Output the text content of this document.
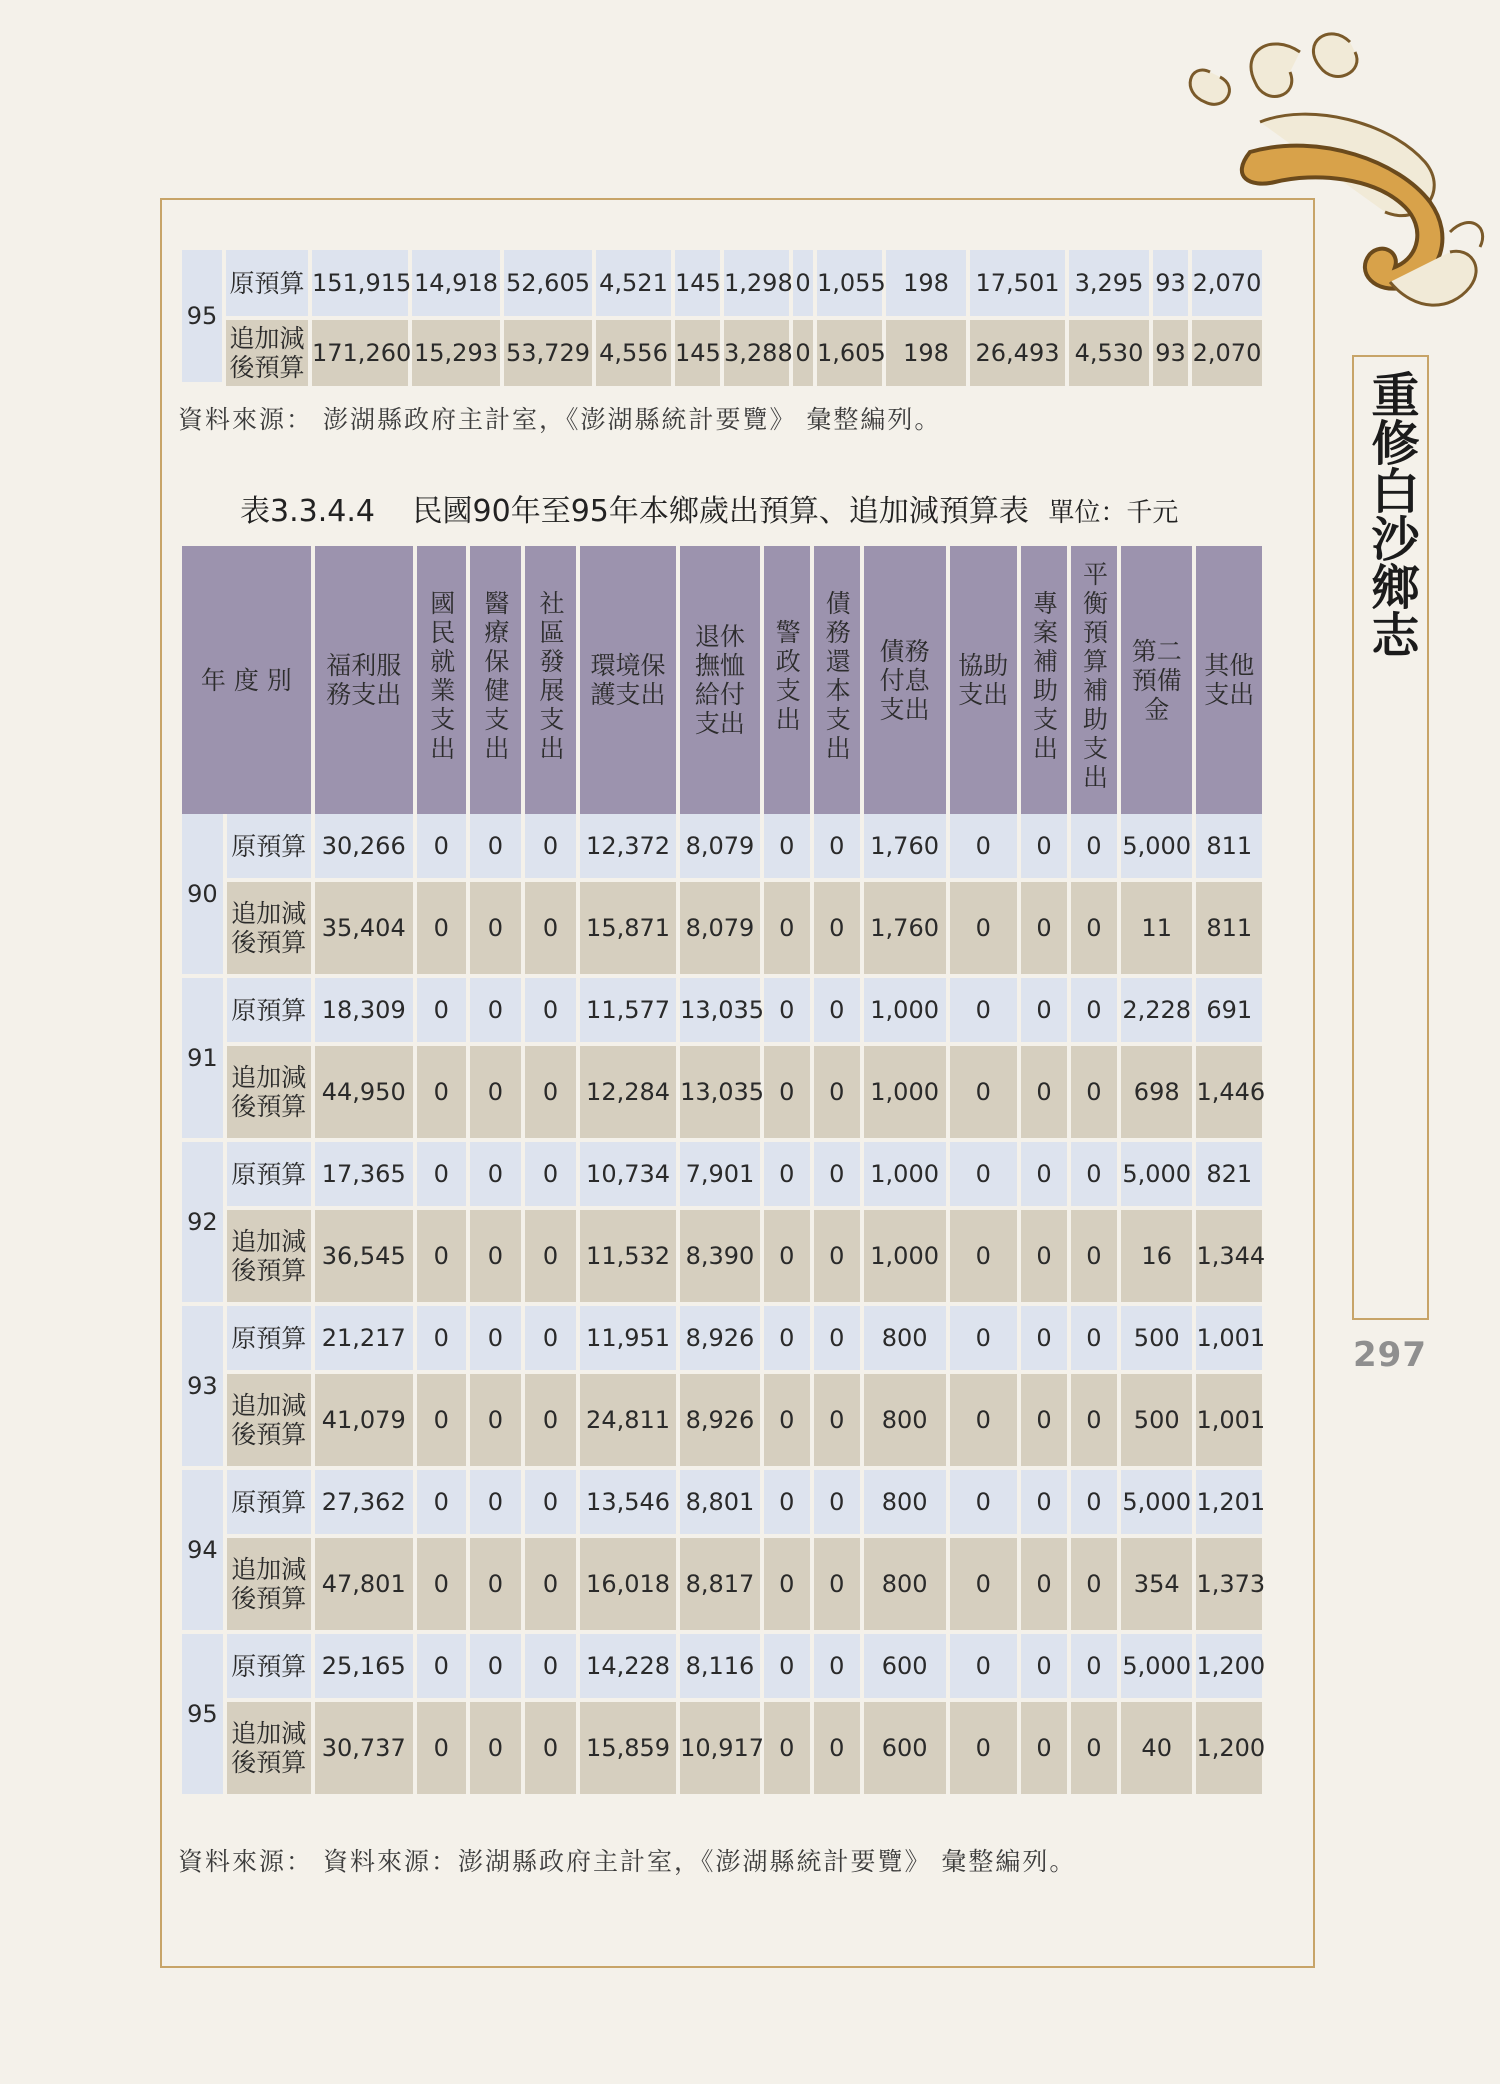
重修白沙鄉志
297
95	原預算	151,915	14,918	52,605	4,521	145	1,298	0	1,055	198	17,501	3,295	93	2,070
	追加減後預算	171,260	15,293	53,729	4,556	145	3,288	0	1,605	198	26,493	4,530	93	2,070
資料來源： 澎湖縣政府主計室，《澎湖縣統計要覽》 彙整編列。
表3.3.4.4 民國90年至95年本鄉歲出預算、追加減預算表 單位：千元
年 度 別		福利服務支出	國民就業支出	醫療保健支出	社區發展支出	環境保護支出	退休撫恤給付支出	警政支出	債務還本支出	債務付息支出	協助支出	專案補助支出	平衡預算補助支出	第二預備金	其他支出
90	原預算	30,266	0	0	0	12,372	8,079	0	0	1,760	0	0	0	5,000	811
	追加減後預算	35,404	0	0	0	15,871	8,079	0	0	1,760	0	0	0	11	811
91	原預算	18,309	0	0	0	11,577	13,035	0	0	1,000	0	0	0	2,228	691
	追加減後預算	44,950	0	0	0	12,284	13,035	0	0	1,000	0	0	0	698	1,446
92	原預算	17,365	0	0	0	10,734	7,901	0	0	1,000	0	0	0	5,000	821
	追加減後預算	36,545	0	0	0	11,532	8,390	0	0	1,000	0	0	0	16	1,344
93	原預算	21,217	0	0	0	11,951	8,926	0	0	800	0	0	0	500	1,001
	追加減後預算	41,079	0	0	0	24,811	8,926	0	0	800	0	0	0	500	1,001
94	原預算	27,362	0	0	0	13,546	8,801	0	0	800	0	0	0	5,000	1,201
	追加減後預算	47,801	0	0	0	16,018	8,817	0	0	800	0	0	0	354	1,373
95	原預算	25,165	0	0	0	14,228	8,116	0	0	600	0	0	0	5,000	1,200
	追加減後預算	30,737	0	0	0	15,859	10,917	0	0	600	0	0	0	40	1,200
資料來源： 資料來源：澎湖縣政府主計室，《澎湖縣統計要覽》 彙整編列。
